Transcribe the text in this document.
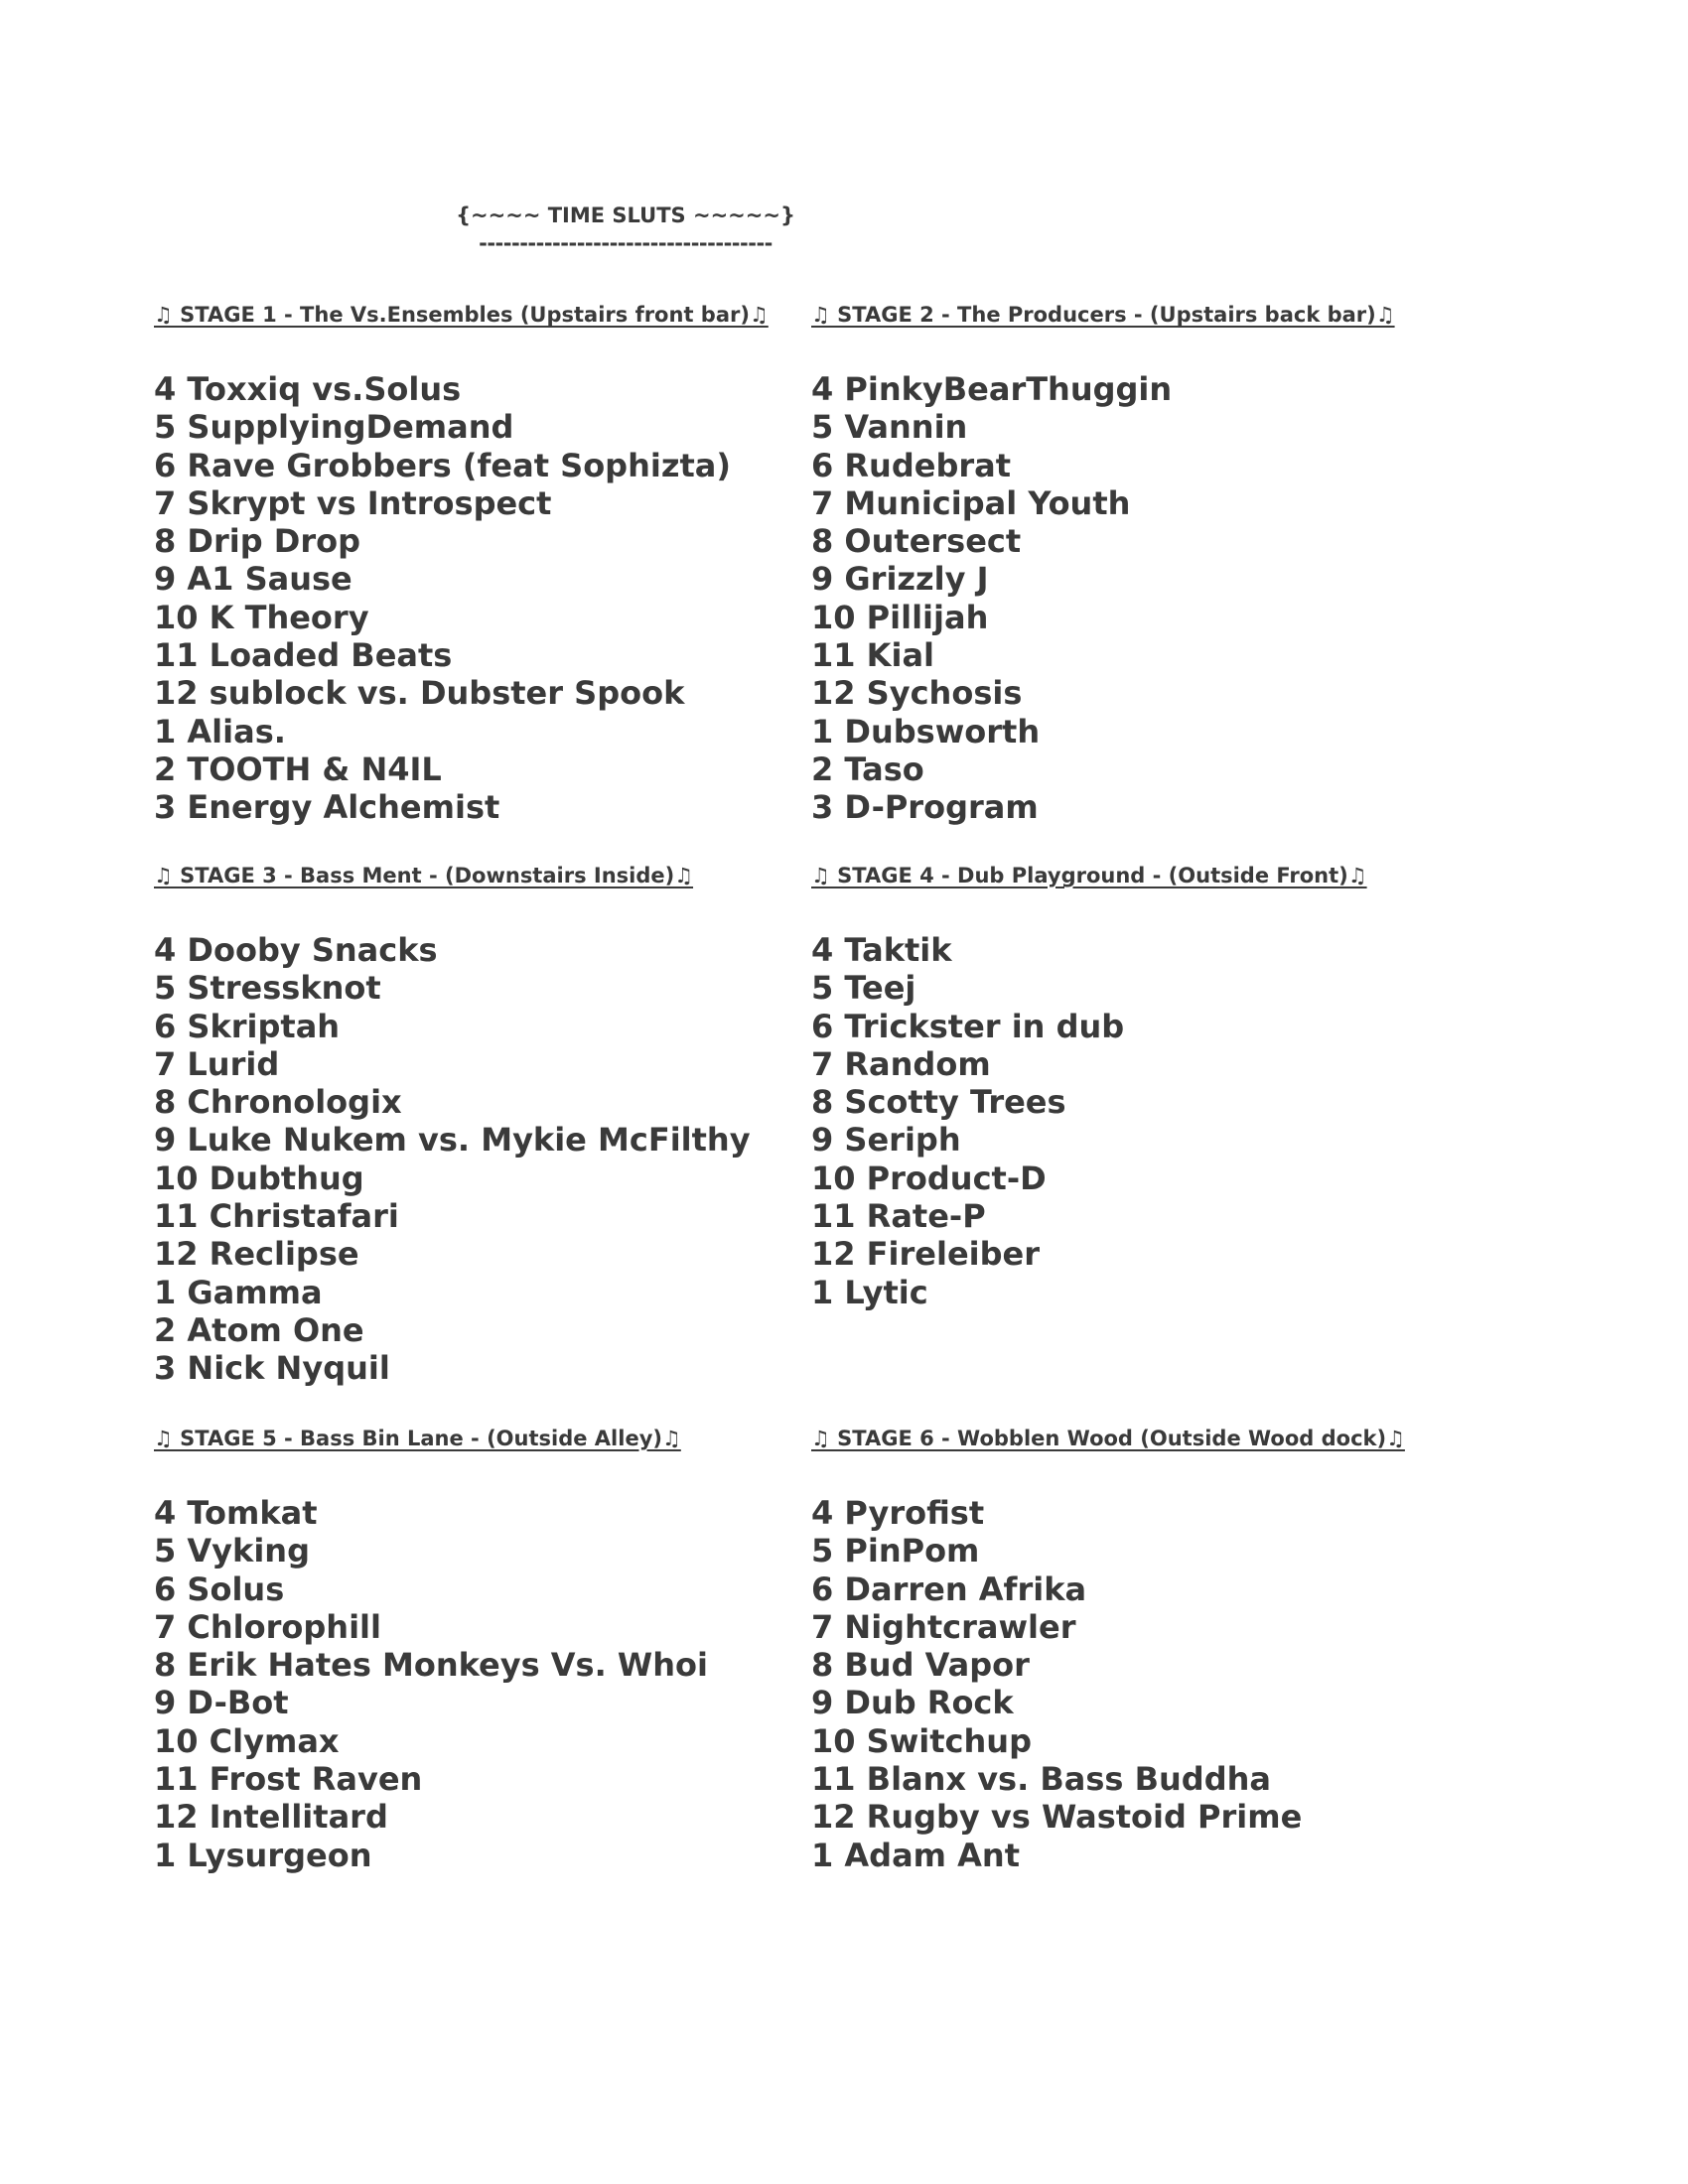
{~~~~ TIME SLUTS ~~~~~}
------------------------------------
♫ STAGE 1 - The Vs.Ensembles (Upstairs front bar)♫
4 Toxxiq vs.Solus
5 SupplyingDemand
6 Rave Grobbers (feat Sophizta)
7 Skrypt vs Introspect
8 Drip Drop
9 A1 Sause
10 K Theory
11 Loaded Beats
12 sublock vs. Dubster Spook
1 Alias.
2 TOOTH & N4IL
3 Energy Alchemist
♫ STAGE 2 - The Producers - (Upstairs back bar)♫
4 PinkyBearThuggin
5 Vannin
6 Rudebrat
7 Municipal Youth
8 Outersect
9 Grizzly J
10 Pillijah
11 Kial
12 Sychosis
1 Dubsworth
2 Taso
3 D-Program
♫ STAGE 3 - Bass Ment - (Downstairs Inside)♫
4 Dooby Snacks
5 Stressknot
6 Skriptah
7 Lurid
8 Chronologix
9 Luke Nukem vs. Mykie McFilthy
10 Dubthug
11 Christafari
12 Reclipse
1 Gamma
2 Atom One
3 Nick Nyquil
♫ STAGE 4 - Dub Playground - (Outside Front)♫
4 Taktik
5 Teej
6 Trickster in dub
7 Random
8 Scotty Trees
9 Seriph
10 Product-D
11 Rate-P
12 Fireleiber
1 Lytic
♫ STAGE 5 - Bass Bin Lane - (Outside Alley)♫
4 Tomkat
5 Vyking
6 Solus
7 Chlorophill
8 Erik Hates Monkeys Vs. Whoi
9 D-Bot
10 Clymax
11 Frost Raven
12 Intellitard
1 Lysurgeon
♫ STAGE 6 - Wobblen Wood (Outside Wood dock)♫
4 Pyrofist
5 PinPom
6 Darren Afrika
7 Nightcrawler
8 Bud Vapor
9 Dub Rock
10 Switchup
11 Blanx vs. Bass Buddha
12 Rugby vs Wastoid Prime
1 Adam Ant
